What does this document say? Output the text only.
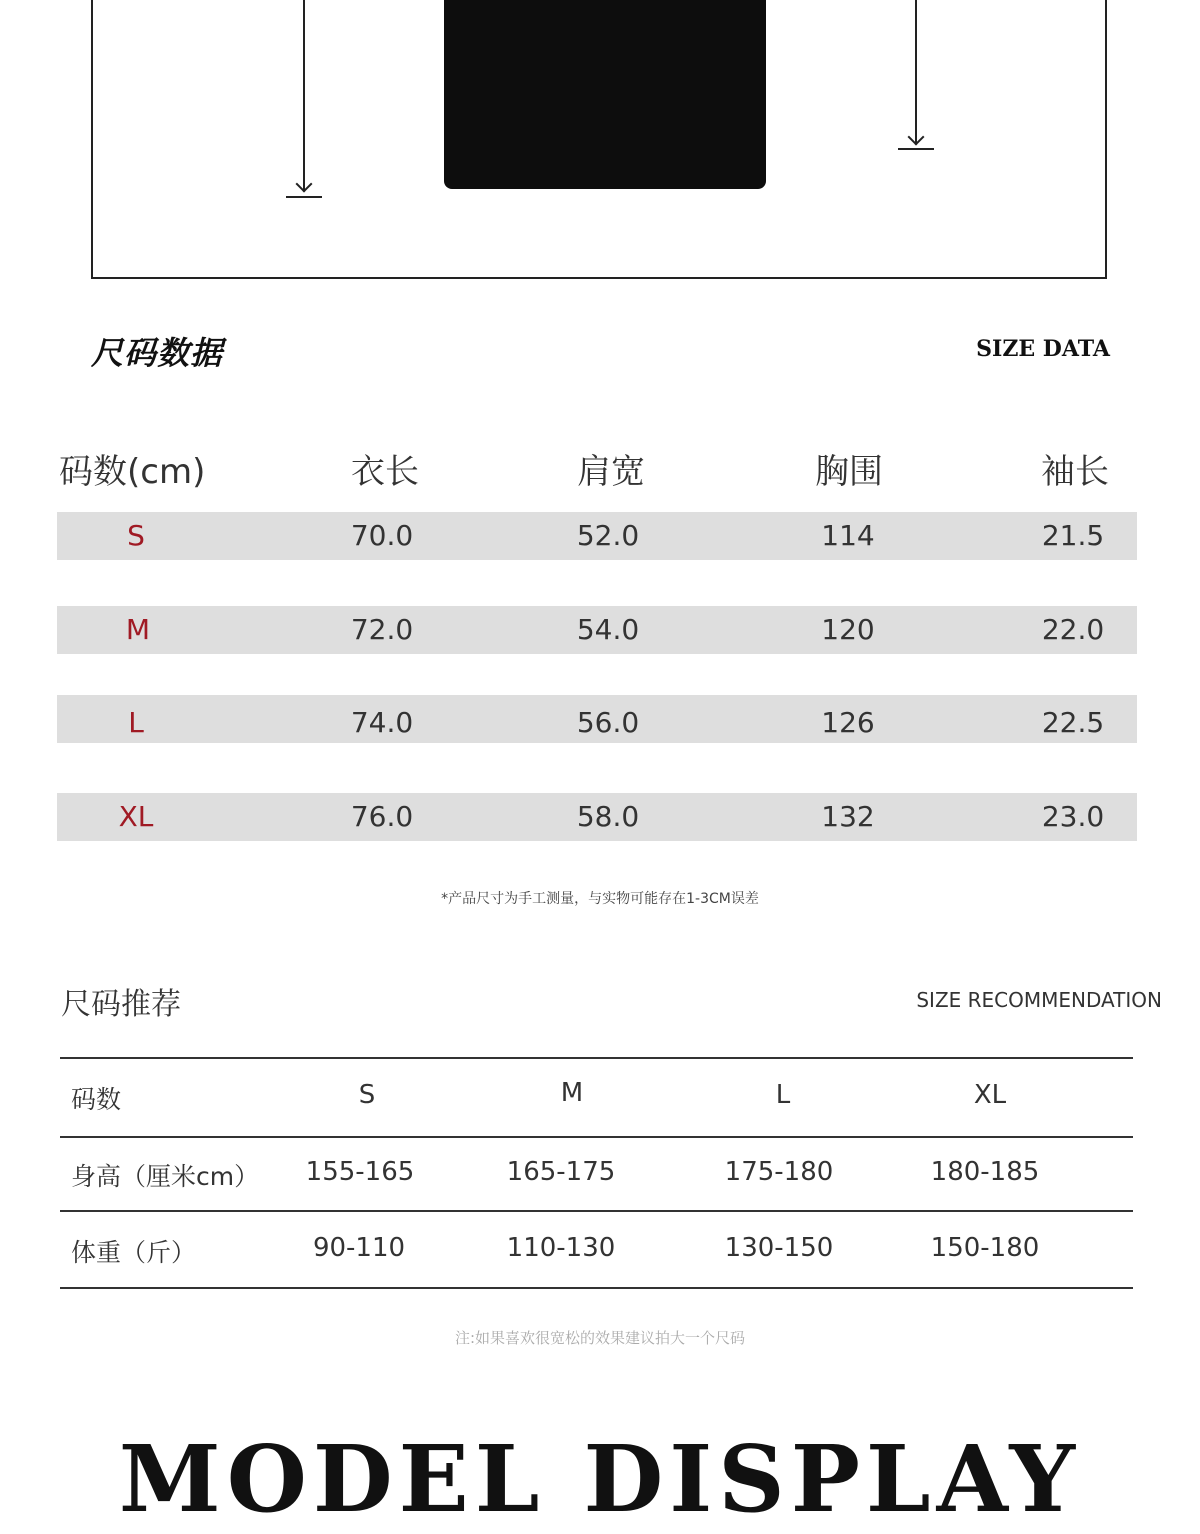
尺码数据	SIZE DATA
码数(cm)	衣长	肩宽	胸围	袖长
S	70.0	52.0	114	21.5
M	72.0	54.0	120	22.0
L	74.0	56.0	126	22.5
XL	76.0	58.0	132	23.0
*产品尺寸为手工测量，与实物可能存在1-3CM误差
尺码推荐	SIZE RECOMMENDATION
码数	S	M	L	XL
身高（厘米cm）	155-165	165-175	175-180	180-185
体重（斤）	90-110	110-130	130-150	150-180
注:如果喜欢很宽松的效果建议拍大一个尺码
MODEL DISPLAY
